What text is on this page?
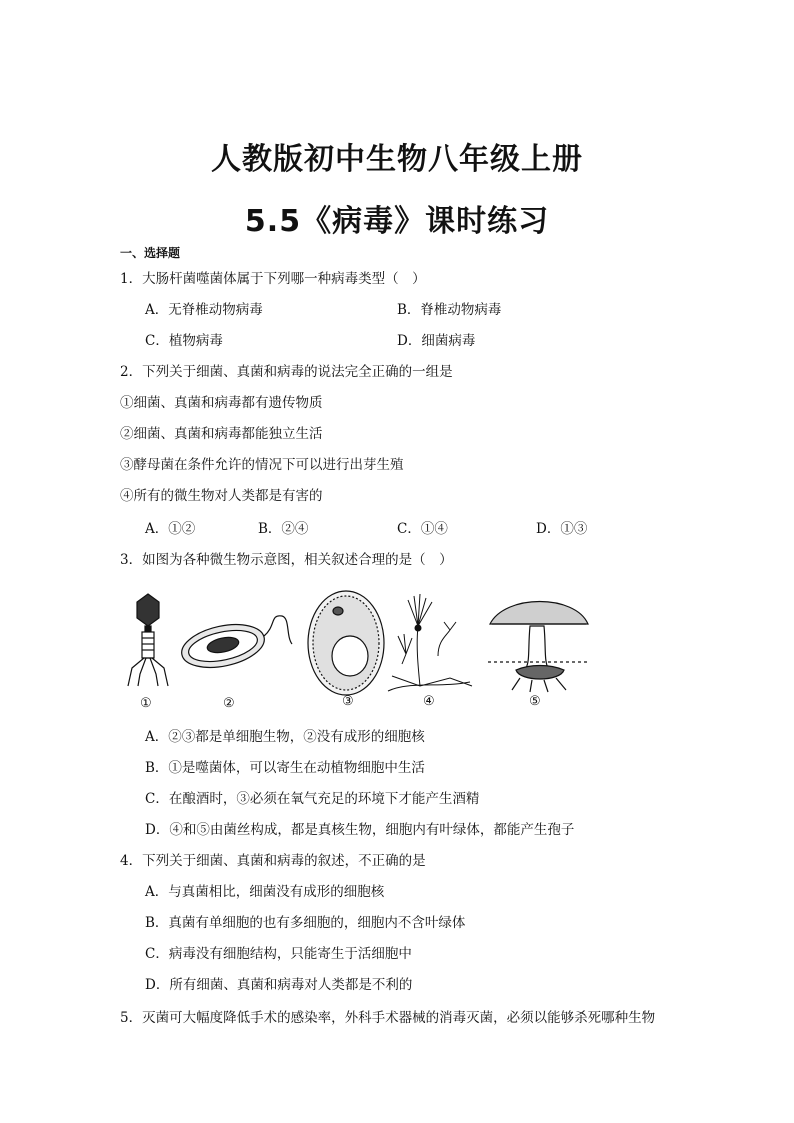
人教版初中生物八年级上册
5.5《病毒》课时练习
一、选择题
1．大肠杆菌噬菌体属于下列哪一种病毒类型（　）
A．无脊椎动物病毒	B．脊椎动物病毒
C．植物病毒	D．细菌病毒
2．下列关于细菌、真菌和病毒的说法完全正确的一组是
①细菌、真菌和病毒都有遗传物质
②细菌、真菌和病毒都能独立生活
③酵母菌在条件允许的情况下可以进行出芽生殖
④所有的微生物对人类都是有害的
A．①②	B．②④	C．①④	D．①③
3．如图为各种微生物示意图，相关叙述合理的是（　）
①	②	③	④	⑤
A．②③都是单细胞生物，②没有成形的细胞核
B．①是噬菌体，可以寄生在动植物细胞中生活
C．在酿酒时，③必须在氧气充足的环境下才能产生酒精
D．④和⑤由菌丝构成，都是真核生物，细胞内有叶绿体，都能产生孢子
4．下列关于细菌、真菌和病毒的叙述，不正确的是
A．与真菌相比，细菌没有成形的细胞核
B．真菌有单细胞的也有多细胞的，细胞内不含叶绿体
C．病毒没有细胞结构，只能寄生于活细胞中
D．所有细菌、真菌和病毒对人类都是不利的
5．灭菌可大幅度降低手术的感染率，外科手术器械的消毒灭菌，必须以能够杀死哪种生物
